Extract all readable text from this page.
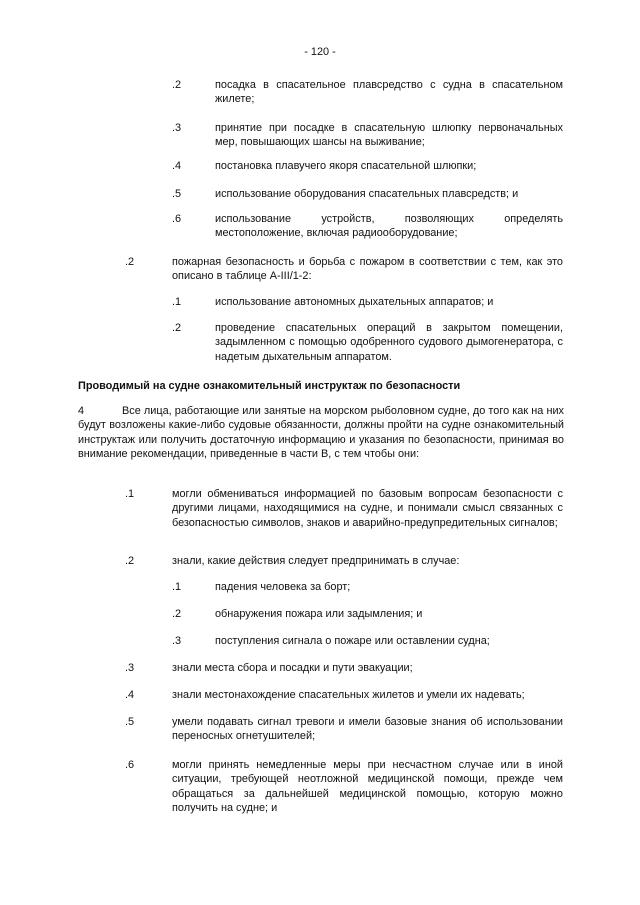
- 120 -
.2	посадка в спасательное плавсредство с судна в спасательном жилете;
.3	принятие при посадке в спасательную шлюпку первоначальных мер, повышающих шансы на выживание;
.4	постановка плавучего якоря спасательной шлюпки;
.5	использование оборудования спасательных плавсредств; и
.6	использование устройств, позволяющих определять местоположение, включая радиооборудование;
.2	пожарная безопасность и борьба с пожаром в соответствии с тем, как это описано в таблице A-III/1-2:
.1	использование автономных дыхательных аппаратов; и
.2	проведение спасательных операций в закрытом помещении, задымленном с помощью одобренного судового дымогенератора, с надетым дыхательным аппаратом.
Проводимый на судне ознакомительный инструктаж по безопасности
4	Все лица, работающие или занятые на морском рыболовном судне, до того как на них будут возложены какие-либо судовые обязанности, должны пройти на судне ознакомительный инструктаж или получить достаточную информацию и указания по безопасности, принимая во внимание рекомендации, приведенные в части B, с тем чтобы они:
.1	могли обмениваться информацией по базовым вопросам безопасности с другими лицами, находящимися на судне, и понимали смысл связанных с безопасностью символов, знаков и аварийно-предупредительных сигналов;
.2	знали, какие действия следует предпринимать в случае:
.1	падения человека за борт;
.2	обнаружения пожара или задымления; и
.3	поступления сигнала о пожаре или оставлении судна;
.3	знали места сбора и посадки и пути эвакуации;
.4	знали местонахождение спасательных жилетов и умели их надевать;
.5	умели подавать сигнал тревоги и имели базовые знания об использовании переносных огнетушителей;
.6	могли принять немедленные меры при несчастном случае или в иной ситуации, требующей неотложной медицинской помощи, прежде чем обращаться за дальнейшей медицинской помощью, которую можно получить на судне; и
